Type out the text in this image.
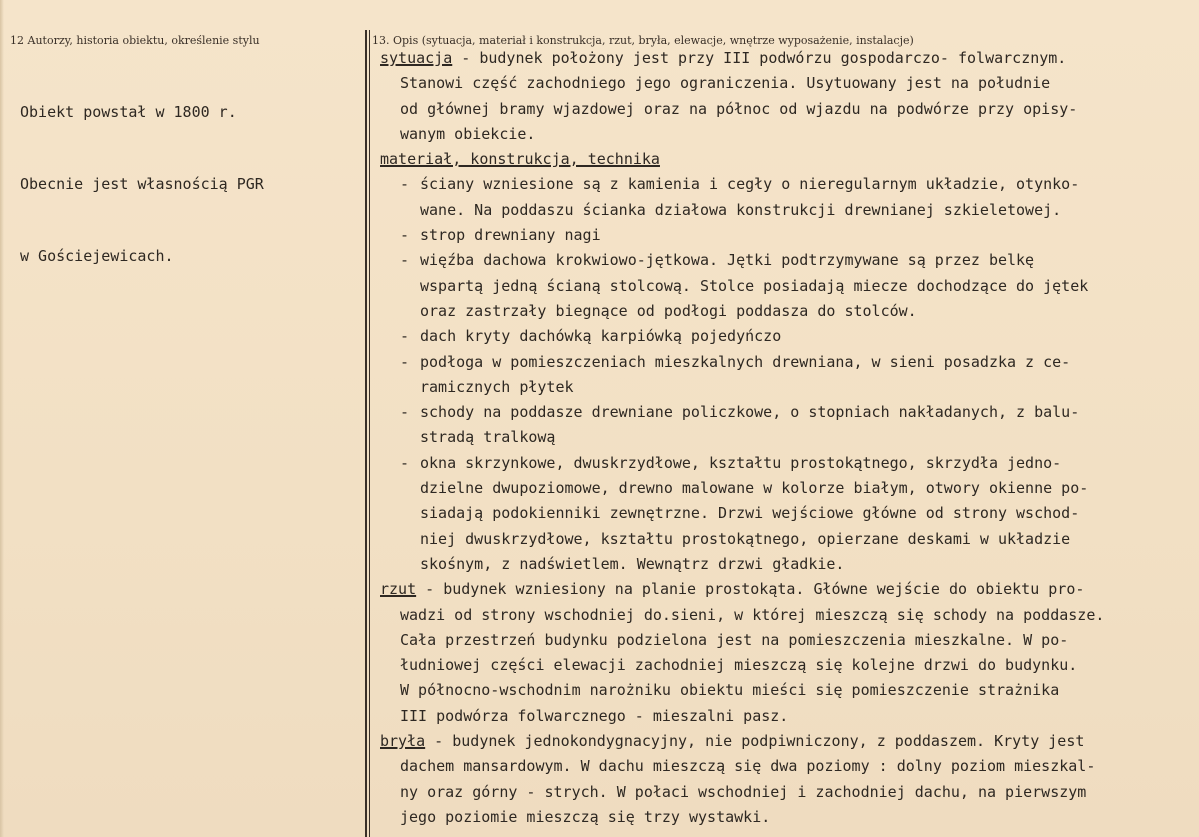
12 Autorzy, historia obiektu, określenie stylu	13. Opis (sytuacja, materiał i konstrukcja, rzut, bryła, elewacje, wnętrze wyposażenie, instalacje)

Obiekt powstał w 1800 r.

Obecnie jest własnością PGR

w Gościejewicach.

sytuacja - budynek położony jest przy III podwórzu gospodarczo- folwarcznym.
Stanowi część zachodniego jego ograniczenia. Usytuowany jest na południe
od głównej bramy wjazdowej oraz na północ od wjazdu na podwórze przy opisy-
wanym obiekcie.
materiał, konstrukcja, technika
- ściany wzniesione są z kamienia i cegły o nieregularnym układzie, otynko-
wane. Na poddaszu ścianka działowa konstrukcji drewnianej szkieletowej.
- strop drewniany nagi
- więźba dachowa krokwiowo-jętkowa. Jętki podtrzymywane są przez belkę
wspartą jedną ścianą stolcową. Stolce posiadają miecze dochodzące do jętek
oraz zastrzały biegnące od podłogi poddasza do stolców.
- dach kryty dachówką karpiówką pojedyńczo
- podłoga w pomieszczeniach mieszkalnych drewniana, w sieni posadzka z ce-
ramicznych płytek
- schody na poddasze drewniane policzkowe, o stopniach nakładanych, z balu-
stradą tralkową
- okna skrzynkowe, dwuskrzydłowe, kształtu prostokątnego, skrzydła jedno-
dzielne dwupoziomowe, drewno malowane w kolorze białym, otwory okienne po-
siadają podokienniki zewnętrzne. Drzwi wejściowe główne od strony wschod-
niej dwuskrzydłowe, kształtu prostokątnego, opierzane deskami w układzie
skośnym, z nadświetlem. Wewnątrz drzwi gładkie.
rzut - budynek wzniesiony na planie prostokąta. Główne wejście do obiektu pro-
wadzi od strony wschodniej do.sieni, w której mieszczą się schody na poddasze.
Cała przestrzeń budynku podzielona jest na pomieszczenia mieszkalne. W po-
łudniowej części elewacji zachodniej mieszczą się kolejne drzwi do budynku.
W północno-wschodnim narożniku obiektu mieści się pomieszczenie strażnika
III podwórza folwarcznego - mieszalni pasz.
bryła - budynek jednokondygnacyjny, nie podpiwniczony, z poddaszem. Kryty jest
dachem mansardowym. W dachu mieszczą się dwa poziomy : dolny poziom mieszkal-
ny oraz górny - strych. W połaci wschodniej i zachodniej dachu, na pierwszym
jego poziomie mieszczą się trzy wystawki.
